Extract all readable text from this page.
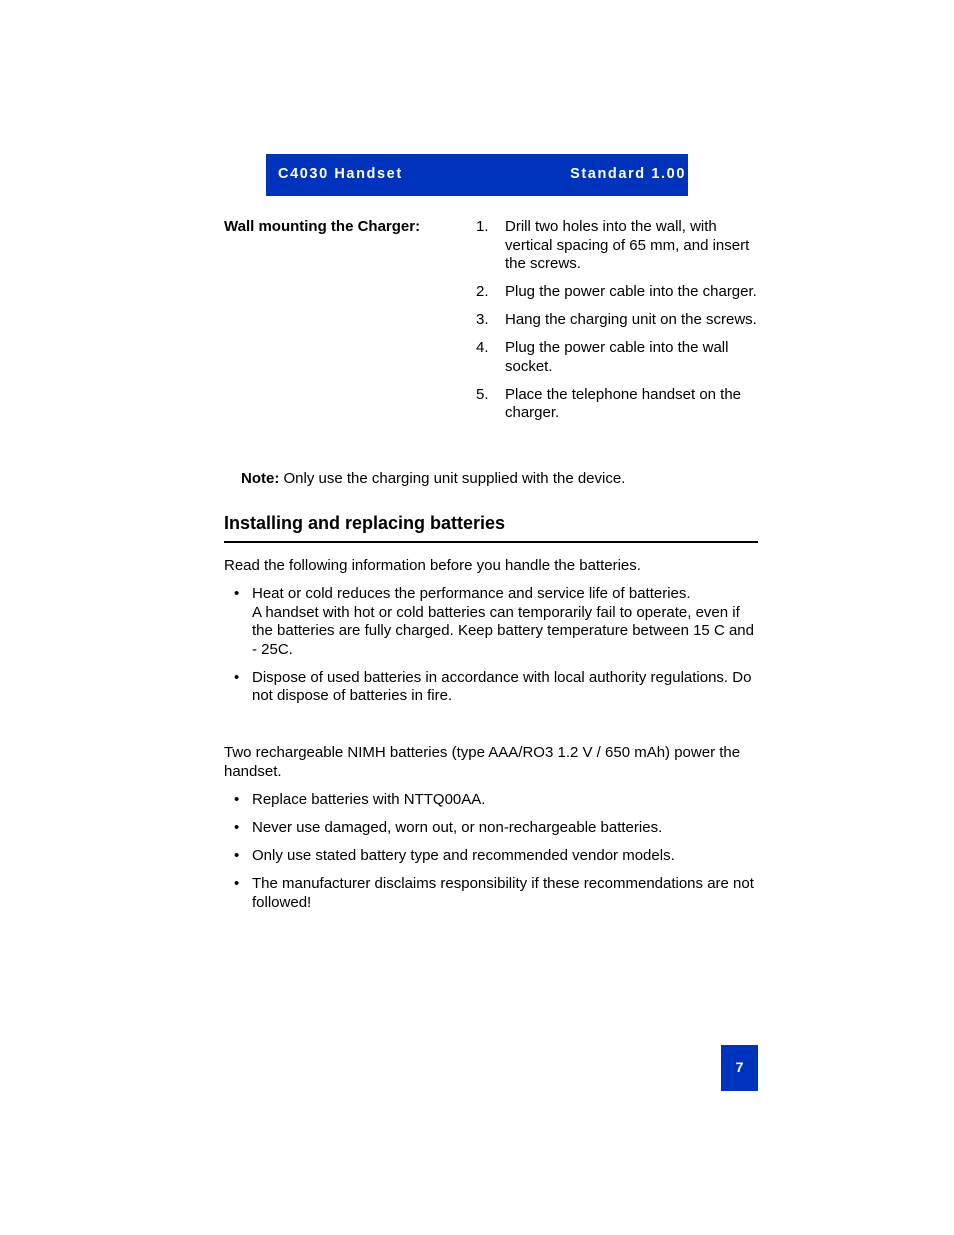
C4030 Handset	Standard 1.00
Wall mounting the Charger:	1. Drill two holes into the wall, with vertical spacing of 65 mm, and insert the screws.
2. Plug the power cable into the charger.
3. Hang the charging unit on the screws.
4. Plug the power cable into the wall socket.
5. Place the telephone handset on the charger.
Note: Only use the charging unit supplied with the device.
Installing and replacing batteries
Read the following information before you handle the batteries.
• Heat or cold reduces the performance and service life of batteries.
A handset with hot or cold batteries can temporarily fail to operate, even if the batteries are fully charged. Keep battery temperature between 15 C and - 25C.
• Dispose of used batteries in accordance with local authority regulations. Do not dispose of batteries in fire.
Two rechargeable NIMH batteries (type AAA/RO3 1.2 V / 650 mAh) power the handset.
• Replace batteries with NTTQ00AA.
• Never use damaged, worn out, or non-rechargeable batteries.
• Only use stated battery type and recommended vendor models.
• The manufacturer disclaims responsibility if these recommendations are not followed!
7
